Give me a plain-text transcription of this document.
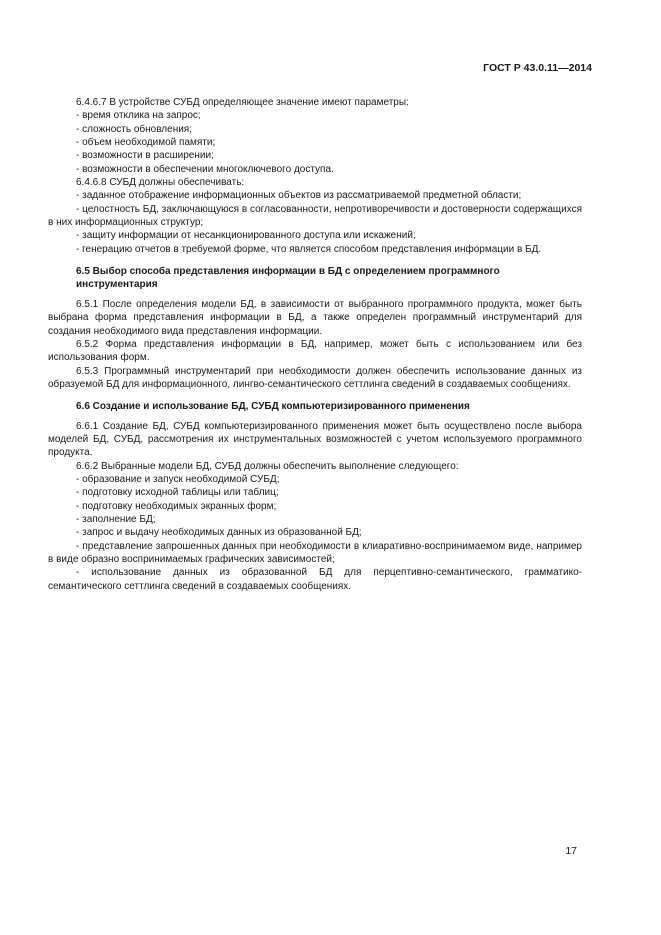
ГОСТ Р 43.0.11—2014

6.4.6.7 В устройстве СУБД определяющее значение имеют параметры:

- время отклика на запрос;

- сложность обновления;

- объем необходимой памяти;

- возможности в расширении;

- возможности в обеспечении многоключевого доступа.

6.4.6.8 СУБД должны обеспечивать:

- заданное отображение информационных объектов из рассматриваемой предметной области;

- целостность БД, заключающуюся в согласованности, непротиворечивости и достоверности содержащихся в них информационных структур;

- защиту информации от несанкционированного доступа или искажений;

- генерацию отчетов в требуемой форме, что является способом представления информации в БД.

6.5 Выбор способа представления информации в БД с определением программного инструментария

6.5.1 После определения модели БД, в зависимости от выбранного программного продукта, может быть выбрана форма представления информации в БД, а также определен программный инструментарий для создания необходимого вида представления информации.

6.5.2 Форма представления информации в БД, например, может быть с использованием или без использования форм.

6.5.3 Программный инструментарий при необходимости должен обеспечить использование данных из образуемой БД для информационного, лингво-семантического сеттлинга сведений в создаваемых сообщениях.

6.6 Создание и использование БД, СУБД компьютеризированного применения

6.6.1 Создание БД, СУБД компьютеризированного применения может быть осуществлено после выбора моделей БД, СУБД, рассмотрения их инструментальных возможностей с учетом используемого программного продукта.

6.6.2 Выбранные модели БД, СУБД должны обеспечить выполнение следующего:

- образование и запуск необходимой СУБД;

- подготовку исходной таблицы или таблиц;

- подготовку необходимых экранных форм;

- заполнение БД;

- запрос и выдачу необходимых данных из образованной БД;

- представление запрошенных данных при необходимости в клиаративно-воспринимаемом виде, например в виде образно воспринимаемых графических зависимостей;

- использование данных из образованной БД для перцептивно-семантического, грамматико-семантического сеттлинга сведений в создаваемых сообщениях.

17
